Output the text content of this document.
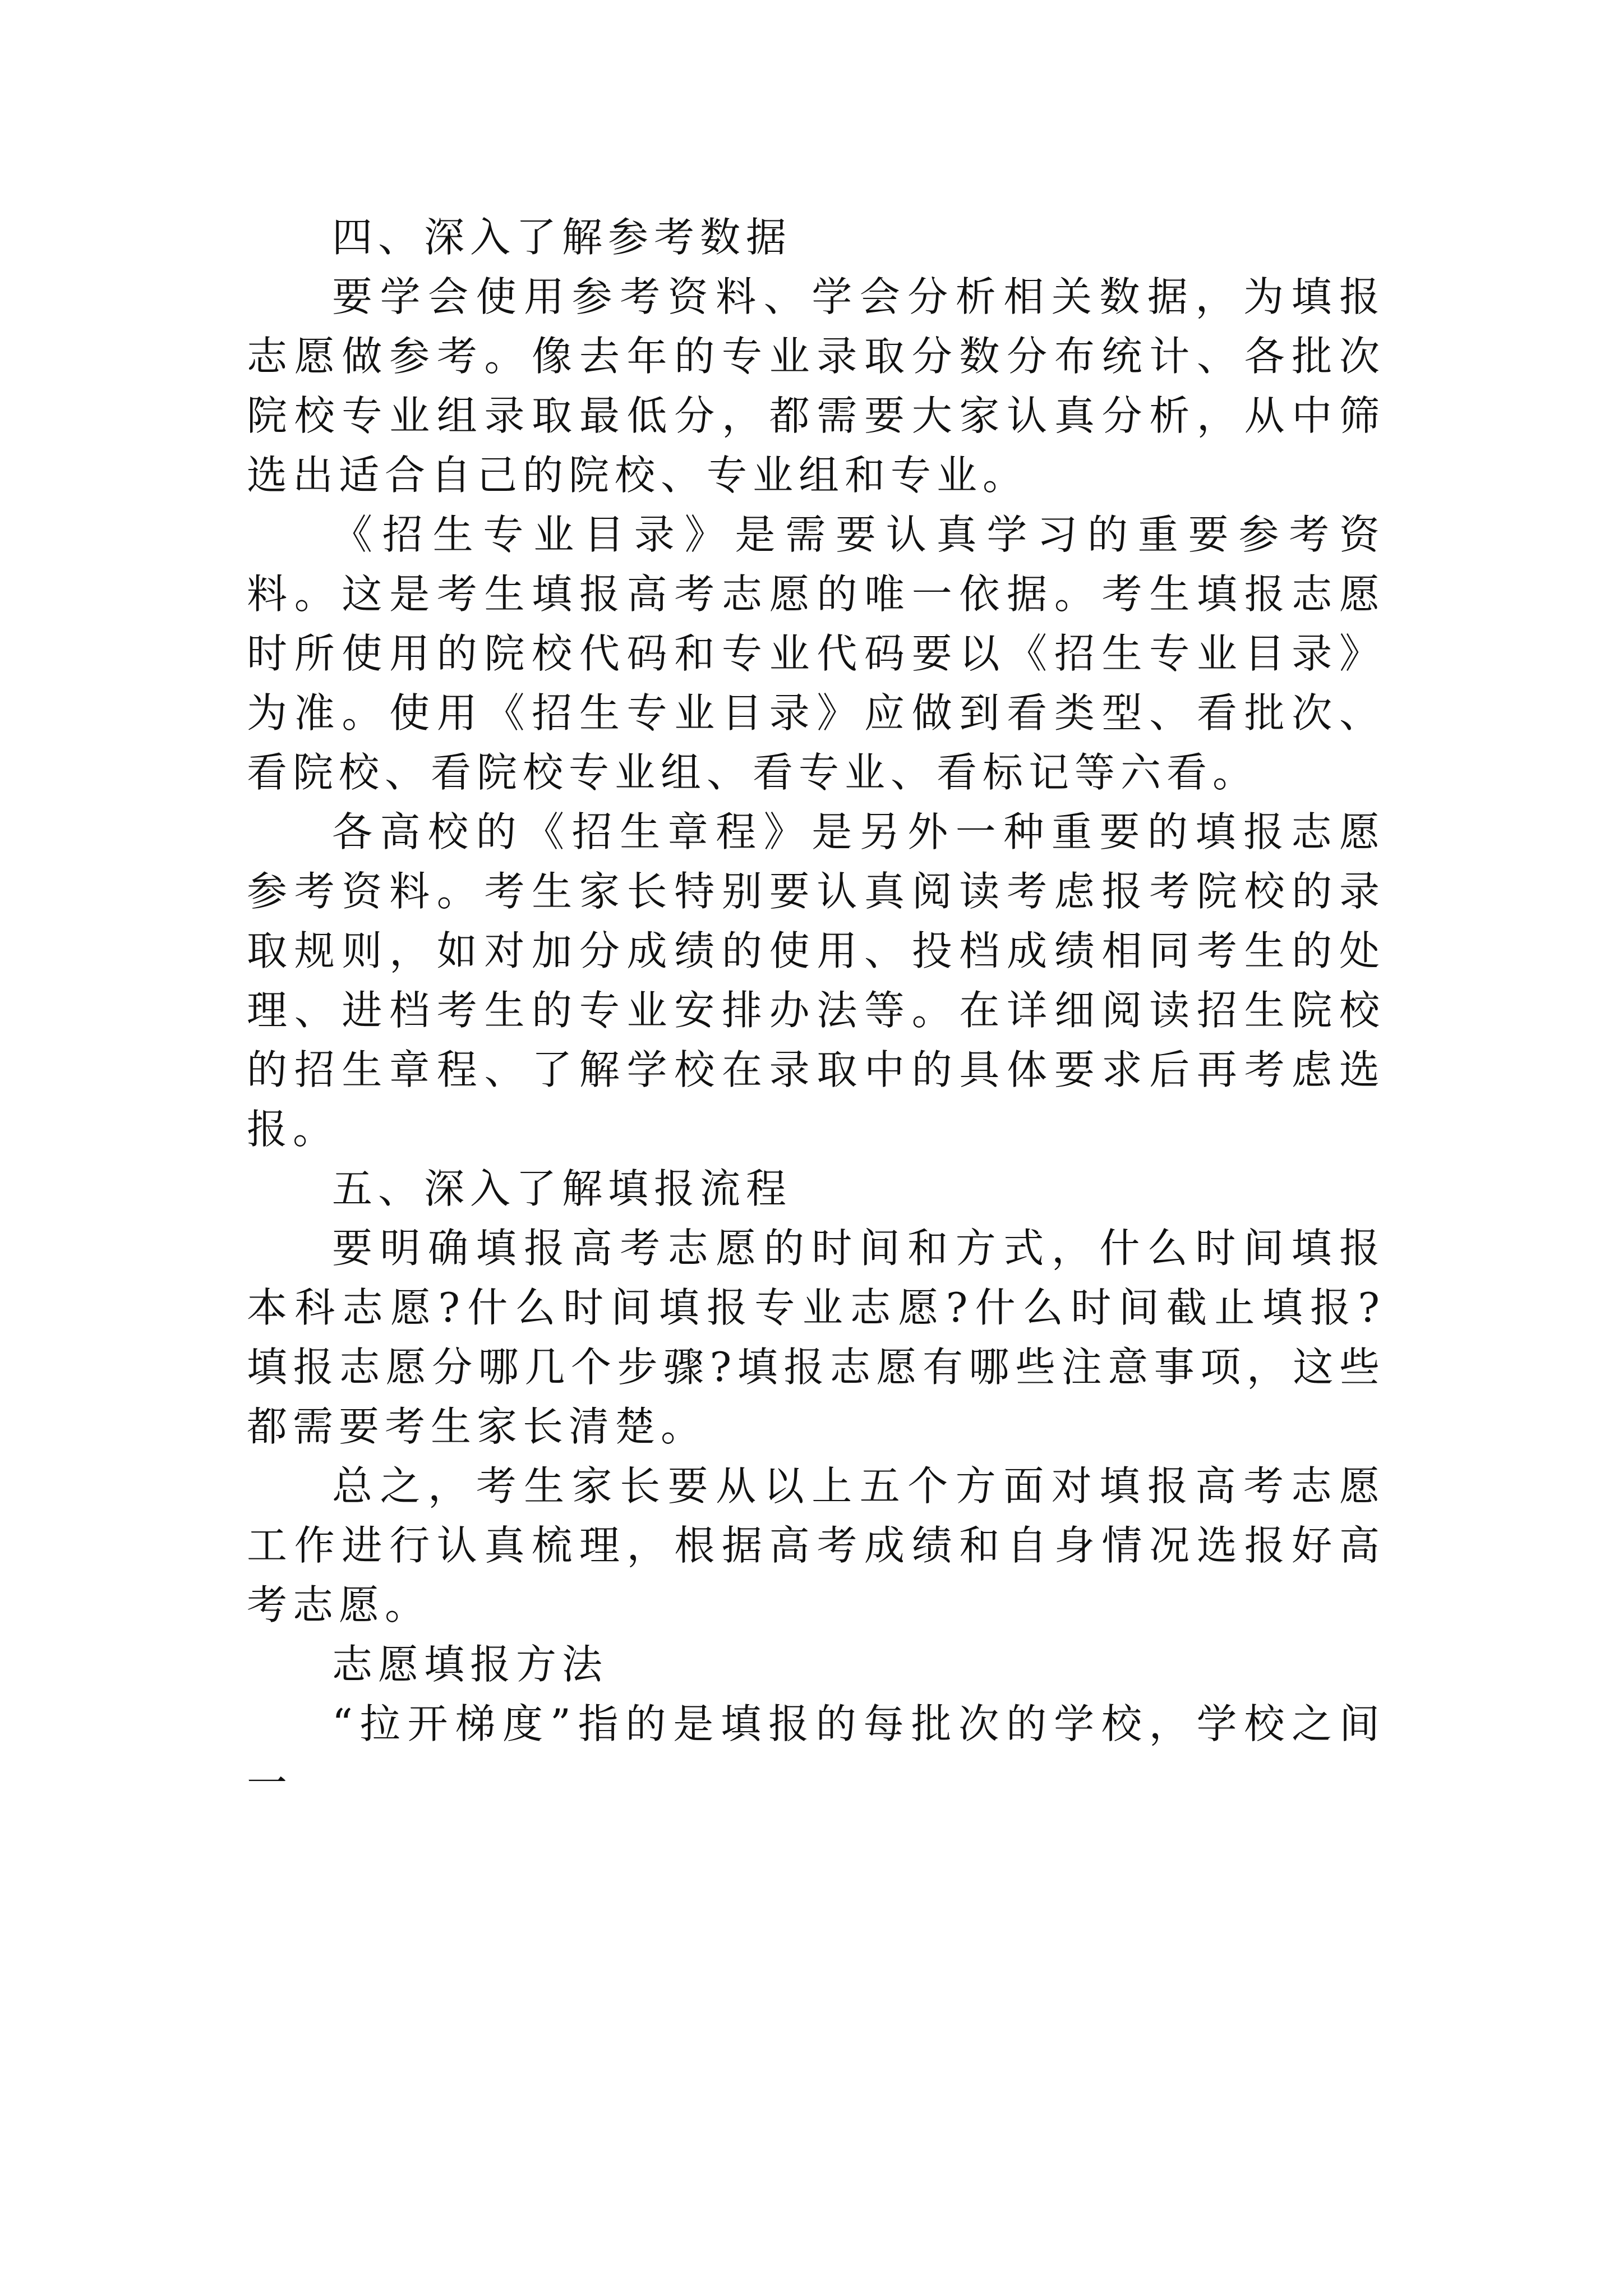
四、深入了解参考数据

要学会使用参考资料、学会分析相关数据，为填报志愿做参考。像去年的专业录取分数分布统计、各批次院校专业组录取最低分，都需要大家认真分析，从中筛选出适合自己的院校、专业组和专业。

《招生专业目录》是需要认真学习的重要参考资料。这是考生填报高考志愿的唯一依据。考生填报志愿时所使用的院校代码和专业代码要以《招生专业目录》为准。使用《招生专业目录》应做到看类型、看批次、看院校、看院校专业组、看专业、看标记等六看。

各高校的《招生章程》是另外一种重要的填报志愿参考资料。考生家长特别要认真阅读考虑报考院校的录取规则，如对加分成绩的使用、投档成绩相同考生的处理、进档考生的专业安排办法等。在详细阅读招生院校的招生章程、了解学校在录取中的具体要求后再考虑选报。

五、深入了解填报流程

要明确填报高考志愿的时间和方式，什么时间填报本科志愿?什么时间填报专业志愿?什么时间截止填报?填报志愿分哪几个步骤?填报志愿有哪些注意事项，这些都需要考生家长清楚。

总之，考生家长要从以上五个方面对填报高考志愿工作进行认真梳理，根据高考成绩和自身情况选报好高考志愿。

志愿填报方法

“拉开梯度”指的是填报的每批次的学校，学校之间一
